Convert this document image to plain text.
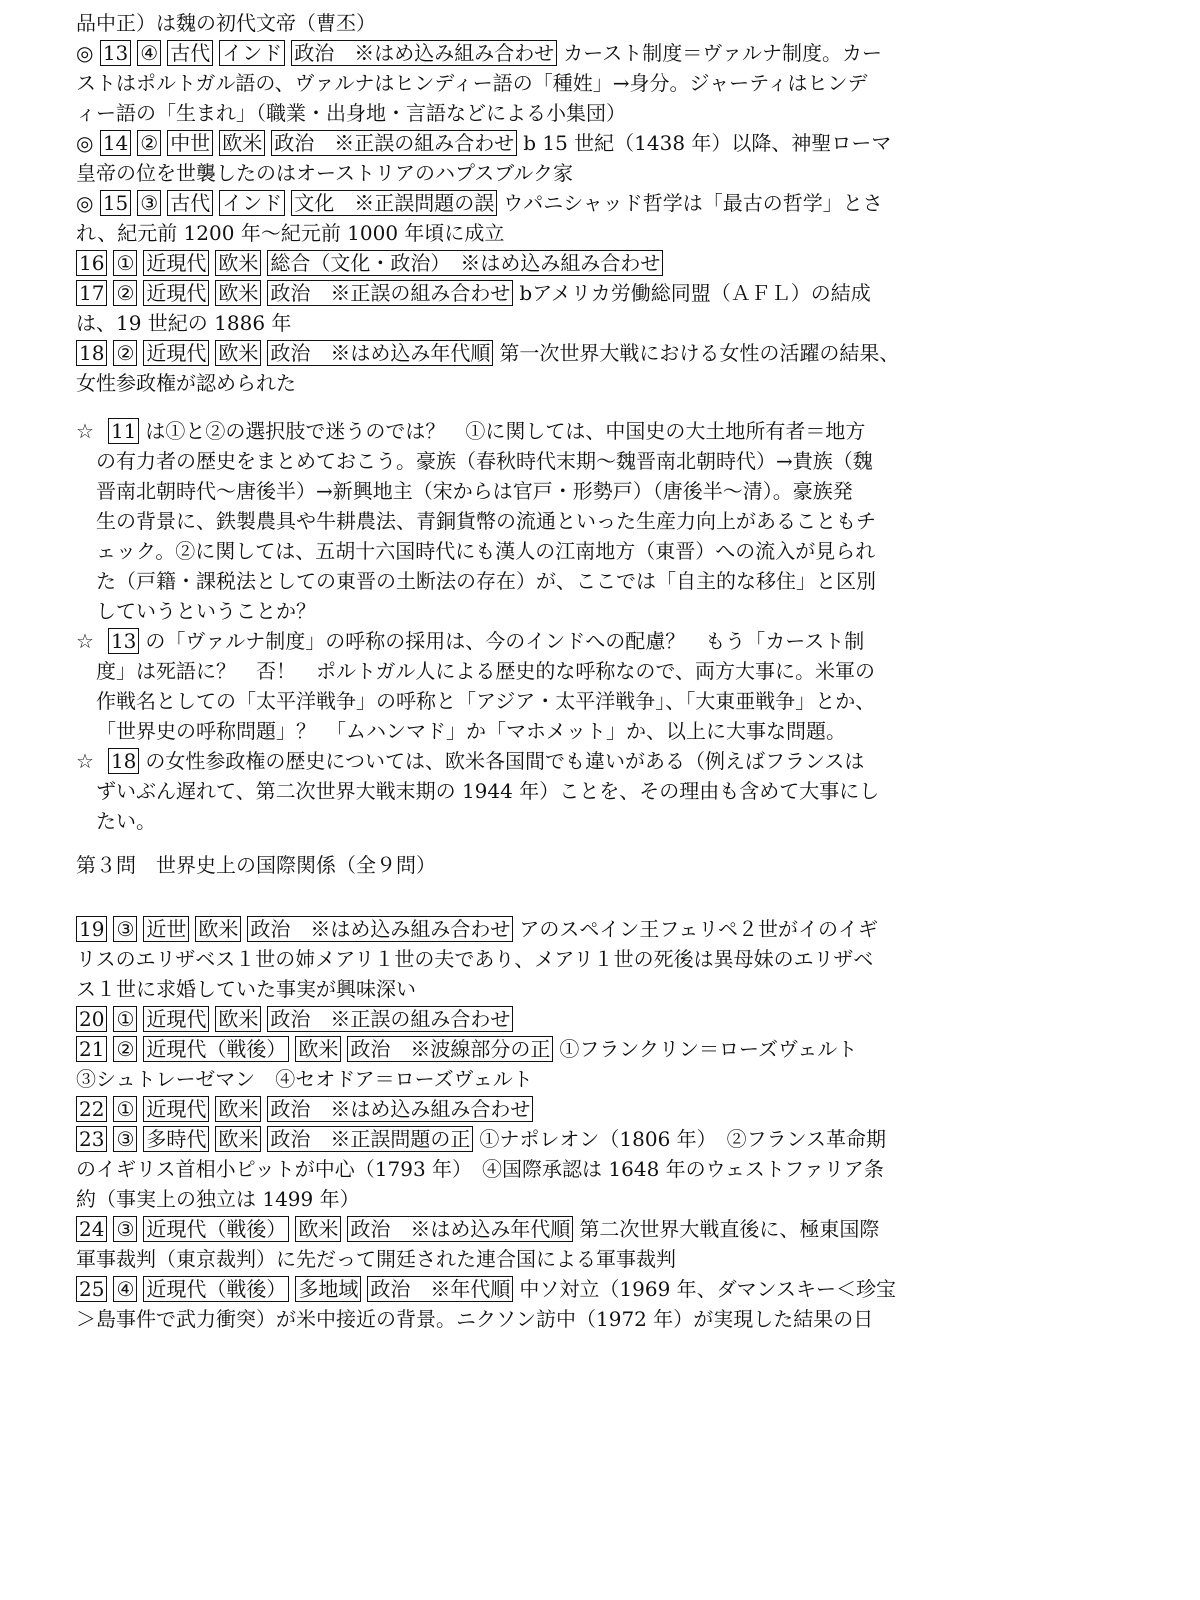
品中正）は魏の初代文帝（曹丕）
◎ 13 ④ 古代 インド 政治　※はめ込み組み合わせ カースト制度＝ヴァルナ制度。カー
ストはポルトガル語の、ヴァルナはヒンディー語の「種姓」→身分。ジャーティはヒンデ
ィー語の「生まれ」（職業・出身地・言語などによる小集団）
◎ 14 ② 中世 欧米 政治　※正誤の組み合わせ b 15 世紀（1438 年）以降、神聖ローマ
皇帝の位を世襲したのはオーストリアのハプスブルク家
◎ 15 ③ 古代 インド 文化　※正誤問題の誤 ウパニシャッド哲学は「最古の哲学」とさ
れ、紀元前 1200 年～紀元前 1000 年頃に成立
16 ① 近現代 欧米 総合（文化・政治）　※はめ込み組み合わせ
17 ② 近現代 欧米 政治　※正誤の組み合わせ bアメリカ労働総同盟（ＡＦＬ）の結成
は、19 世紀の 1886 年
18 ② 近現代 欧米 政治　※はめ込み年代順 第一次世界大戦における女性の活躍の結果、
女性参政権が認められた
☆ 11 は①と②の選択肢で迷うのでは？　①に関しては、中国史の大土地所有者＝地方
の有力者の歴史をまとめておこう。豪族（春秋時代末期～魏晋南北朝時代）→貴族（魏
晋南北朝時代～唐後半）→新興地主（宋からは官戸・形勢戸）（唐後半～清）。豪族発
生の背景に、鉄製農具や牛耕農法、青銅貨幣の流通といった生産力向上があることもチ
ェック。②に関しては、五胡十六国時代にも漢人の江南地方（東晋）への流入が見られ
た（戸籍・課税法としての東晋の土断法の存在）が、ここでは「自主的な移住」と区別
していうということか？
☆ 13 の「ヴァルナ制度」の呼称の採用は、今のインドへの配慮？　もう「カースト制
度」は死語に？　否！　ポルトガル人による歴史的な呼称なので、両方大事に。米軍の
作戦名としての「太平洋戦争」の呼称と「アジア・太平洋戦争」、「大東亜戦争」とか、
「世界史の呼称問題」？　「ムハンマド」か「マホメット」か、以上に大事な問題。
☆ 18 の女性参政権の歴史については、欧米各国間でも違いがある（例えばフランスは
ずいぶん遅れて、第二次世界大戦末期の 1944 年）ことを、その理由も含めて大事にし
たい。
第３問　世界史上の国際関係（全９問）
19 ③ 近世 欧米 政治　※はめ込み組み合わせ アのスペイン王フェリペ２世がイのイギ
リスのエリザベス１世の姉メアリ１世の夫であり、メアリ１世の死後は異母妹のエリザベ
ス１世に求婚していた事実が興味深い
20 ① 近現代 欧米 政治　※正誤の組み合わせ
21 ② 近現代（戦後） 欧米 政治　※波線部分の正 ①フランクリン＝ローズヴェルト
③シュトレーゼマン　④セオドア＝ローズヴェルト
22 ① 近現代 欧米 政治　※はめ込み組み合わせ
23 ③ 多時代 欧米 政治　※正誤問題の正 ①ナポレオン（1806 年）　②フランス革命期
のイギリス首相小ピットが中心（1793 年）　④国際承認は 1648 年のウェストファリア条
約（事実上の独立は 1499 年）
24 ③ 近現代（戦後） 欧米 政治　※はめ込み年代順 第二次世界大戦直後に、極東国際
軍事裁判（東京裁判）に先だって開廷された連合国による軍事裁判
25 ④ 近現代（戦後） 多地域 政治　※年代順 中ソ対立（1969 年、ダマンスキー＜珍宝
＞島事件で武力衝突）が米中接近の背景。ニクソン訪中（1972 年）が実現した結果の日
